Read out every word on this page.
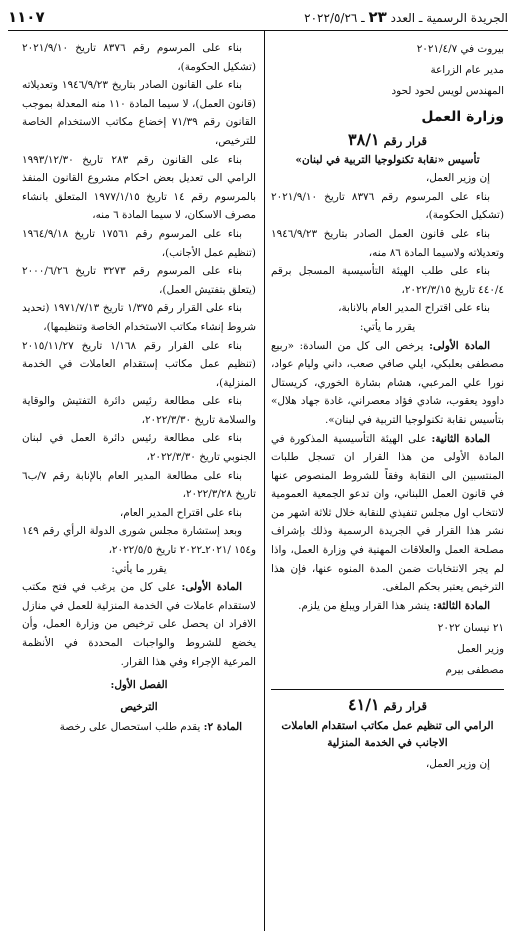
الجريدة الرسمية ـ العدد ٢٣ ـ ٢٠٢٢/٥/٢٦
١١٠٧

بيروت في ٢٠٢١/٤/٧

مدير عام الزراعة

المهندس لويس لحود لحود

وزارة العمل
قرار رقم ٣٨/١

تأسيس «نقابة تكنولوجيا التربية في لبنان»

إن وزير العمل،

بناء على المرسوم رقم ٨٣٧٦ تاريخ ٢٠٢١/٩/١٠ (تشكيل الحكومة)،

بناء على قانون العمل الصادر بتاريخ ١٩٤٦/٩/٢٣ وتعديلاته ولاسيما المادة ٨٦ منه،

بناء على طلب الهيئة التأسيسية المسجل برقم ٤٤٠/٤ تاريخ ٢٠٢٢/٣/١٥،

بناء على اقتراح المدير العام بالانابة،

يقرر ما يأتي:

المادة الأولى: يرخص الى كل من السادة: «ربيع مصطفى بعلبكي، ايلي صافي صعب، داني وليام عواد، نورا علي المرعبي، هشام بشارة الخوري، كريستال داوود يعقوب، شادي فؤاد معصراني، غادة جهاد هلال» بتأسيس نقابة تكنولوجيا التربية في لبنان».

المادة الثانية: على الهيئة التأسيسية المذكورة في المادة الأولى من هذا القرار ان تسجل طلبات المنتسبين الى النقابة وفقاً للشروط المنصوص عنها في قانون العمل اللبناني، وان تدعو الجمعية العمومية لانتخاب اول مجلس تنفيذي للنقابة خلال ثلاثة اشهر من نشر هذا القرار في الجريدة الرسمية وذلك بإشراف مصلحة العمل والعلاقات المهنية في وزارة العمل، واذا لم يجر الانتخابات ضمن المدة المنوه عنها، فإن هذا الترخيص يعتبر بحكم الملغى.

المادة الثالثة: ينشر هذا القرار ويبلغ من يلزم.

٢١ نيسان ٢٠٢٢

وزير العمل

مصطفى بيرم

قرار رقم ٤١/١

الرامي الى تنظيم عمل مكاتب استقدام العاملات الاجانب في الخدمة المنزلية

إن وزير العمل،

بناء على المرسوم رقم ٨٣٧٦ تاريخ ٢٠٢١/٩/١٠ (تشكيل الحكومة)،

بناء على القانون الصادر بتاريخ ١٩٤٦/٩/٢٣ وتعديلاته (قانون العمل)، لا سيما المادة ١١٠ منه المعدلة بموجب القانون رقم ٧١/٣٩ إخضاع مكاتب الاستخدام الخاصة للترخيص،

بناء على القانون رقم ٢٨٣ تاريخ ١٩٩٣/١٢/٣٠ الرامي الى تعديل بعض احكام مشروع القانون المنفذ بالمرسوم رقم ١٤ تاريخ ١٩٧٧/١/١٥ المتعلق بانشاء مصرف الاسكان، لا سيما المادة ٦ منه،

بناء على المرسوم رقم ١٧٥٦١ تاريخ ١٩٦٤/٩/١٨ (تنظيم عمل الأجانب)،

بناء على المرسوم رقم ٣٢٧٣ تاريخ ٢٠٠٠/٦/٢٦ (يتعلق بتفتيش العمل)،

بناء على القرار رقم ١/٣٧٥ تاريخ ١٩٧١/٧/١٣ (تحديد شروط إنشاء مكاتب الاستخدام الخاصة وتنظيمها)،

بناء على القرار رقم ١/١٦٨ تاريخ ٢٠١٥/١١/٢٧ (تنظيم عمل مكاتب إستقدام العاملات في الخدمة المنزلية)،

بناء على مطالعة رئيس دائرة التفتيش والوقاية والسلامة تاريخ ٢٠٢٢/٣/٣٠،

بناء على مطالعة رئيس دائرة العمل في لبنان الجنوبي تاريخ ٢٠٢٢/٣/٣٠،

بناء على مطالعة المدير العام بالإنابة رقم ٧/ب٦ تاريخ ٢٠٢٢/٣/٢٨،

بناء على اقتراح المدير العام،

وبعد إستشارة مجلس شورى الدولة الرأي رقم ١٤٩ و١٥٤ /٢٠٢١ـ٢٠٢٢ تاريخ ٢٠٢٢/٥/٥،

يقرر ما يأتي:

المادة الأولى: على كل من يرغب في فتح مكتب لاستقدام عاملات في الخدمة المنزلية للعمل في منازل الافراد ان يحصل على ترخيص من وزارة العمل، وأن يخضع للشروط والواجبات المحددة في الأنظمة المرعية الإجراء وفي هذا القرار.

الفصل الأول:
الترخيص

المادة ٢: يقدم طلب استحصال على رخصة
